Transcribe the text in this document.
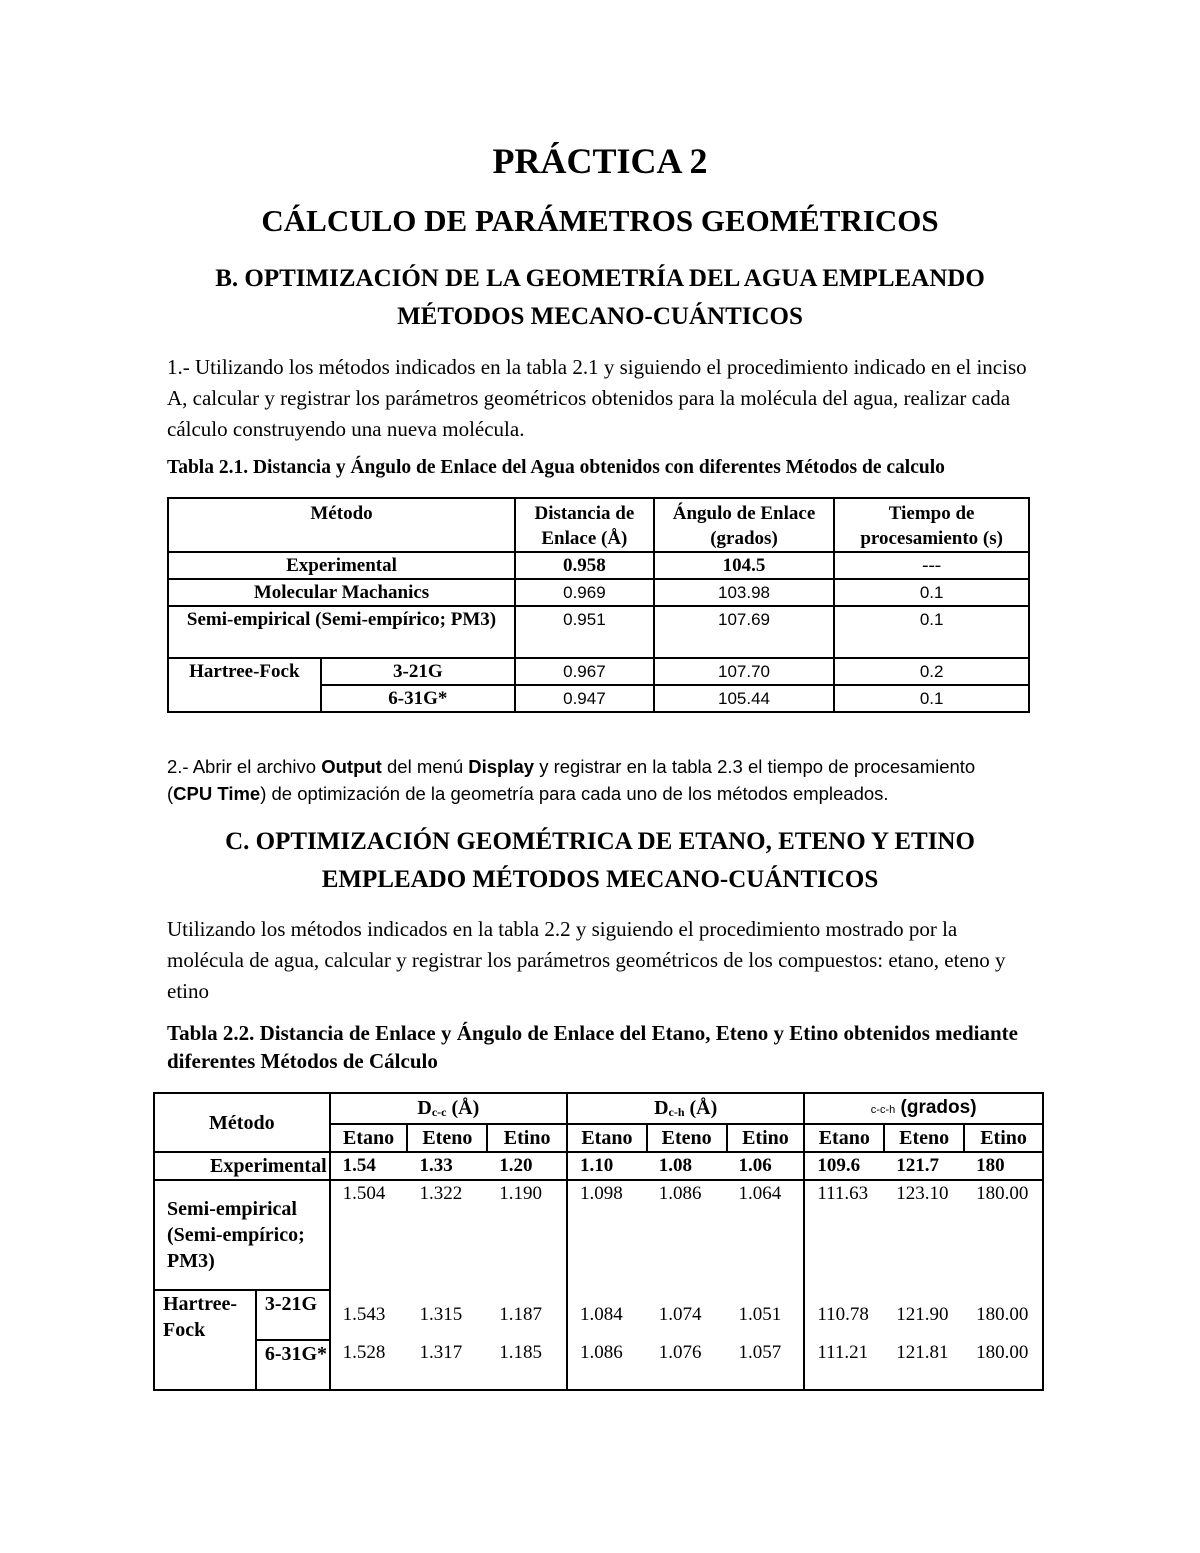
PRÁCTICA 2
CÁLCULO DE PARÁMETROS GEOMÉTRICOS
B. OPTIMIZACIÓN DE LA GEOMETRÍA DEL AGUA EMPLEANDO
MÉTODOS MECANO-CUÁNTICOS
1.- Utilizando los métodos indicados en la tabla 2.1 y siguiendo el procedimiento indicado en el inciso A, calcular y registrar los parámetros geométricos obtenidos para la molécula del agua, realizar cada cálculo construyendo una nueva molécula.
Tabla 2.1. Distancia y Ángulo de Enlace del Agua obtenidos con diferentes Métodos de calculo
Método		Distancia de Enlace (Å)	Ángulo de Enlace (grados)	Tiempo de procesamiento (s)
Experimental		0.958	104.5	---
Molecular Machanics		0.969	103.98	0.1
Semi-empirical (Semi-empírico; PM3)		0.951	107.69	0.1
Hartree-Fock	3-21G	0.967	107.70	0.2
	6-31G*	0.947	105.44	0.1
2.- Abrir el archivo Output del menú Display y registrar en la tabla 2.3 el tiempo de procesamiento
(CPU Time) de optimización de la geometría para cada uno de los métodos empleados.
C. OPTIMIZACIÓN GEOMÉTRICA DE ETANO, ETENO Y ETINO
EMPLEADO MÉTODOS MECANO-CUÁNTICOS
Utilizando los métodos indicados en la tabla 2.2 y siguiendo el procedimiento mostrado por la molécula de agua, calcular y registrar los parámetros geométricos de los compuestos: etano, eteno y etino
Tabla 2.2. Distancia de Enlace y Ángulo de Enlace del Etano, Eteno y Etino obtenidos mediante diferentes Métodos de Cálculo
Método		$D_{c-c}$ (Å)			$D_{c-h}$ (Å)			c-c-h (grados)		
		Etano	Eteno	Etino	Etano	Eteno	Etino	Etano	Eteno	Etino
Experimental		1.54	1.33	1.20	1.10	1.08	1.06	109.6	121.7	180
Semi-empirical (Semi-empírico; PM3)		1.504	1.322	1.190	1.098	1.086	1.064	111.63	123.10	180.00
Hartree-Fock	3-21G	1.543	1.315	1.187	1.084	1.074	1.051	110.78	121.90	180.00
	6-31G*	1.528	1.317	1.185	1.086	1.076	1.057	111.21	121.81	180.00
